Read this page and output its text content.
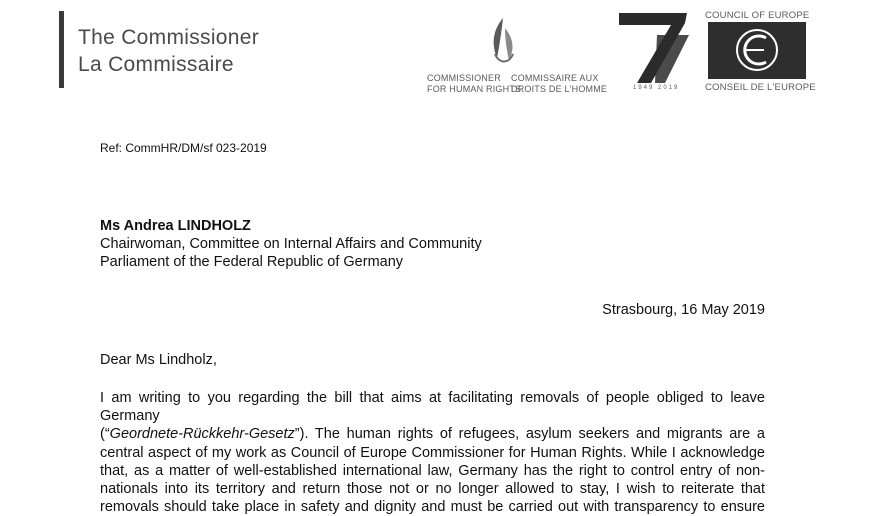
The Commissioner
La Commissaire
COMMISSIONER
FOR HUMAN RIGHTS
COMMISSAIRE AUX
DROITS DE L'HOMME	1949 2019
COUNCIL OF EUROPE
CONSEIL DE L'EUROPE
Ref: CommHR/DM/sf 023-2019
Ms Andrea LINDHOLZ
Chairwoman, Committee on Internal Affairs and Community
Parliament of the Federal Republic of Germany
Strasbourg, 16 May 2019
Dear Ms Lindholz,
I am writing to you regarding the bill that aims at facilitating removals of people obliged to leave Germany
(“Geordnete-Rückkehr-Gesetz”). The human rights of refugees, asylum seekers and migrants are a
central aspect of my work as Council of Europe Commissioner for Human Rights. While I acknowledge
that, as a matter of well-established international law, Germany has the right to control entry of non-
nationals into its territory and return those not or no longer allowed to stay, I wish to reiterate that
removals should take place in safety and dignity and must be carried out with transparency to ensure
